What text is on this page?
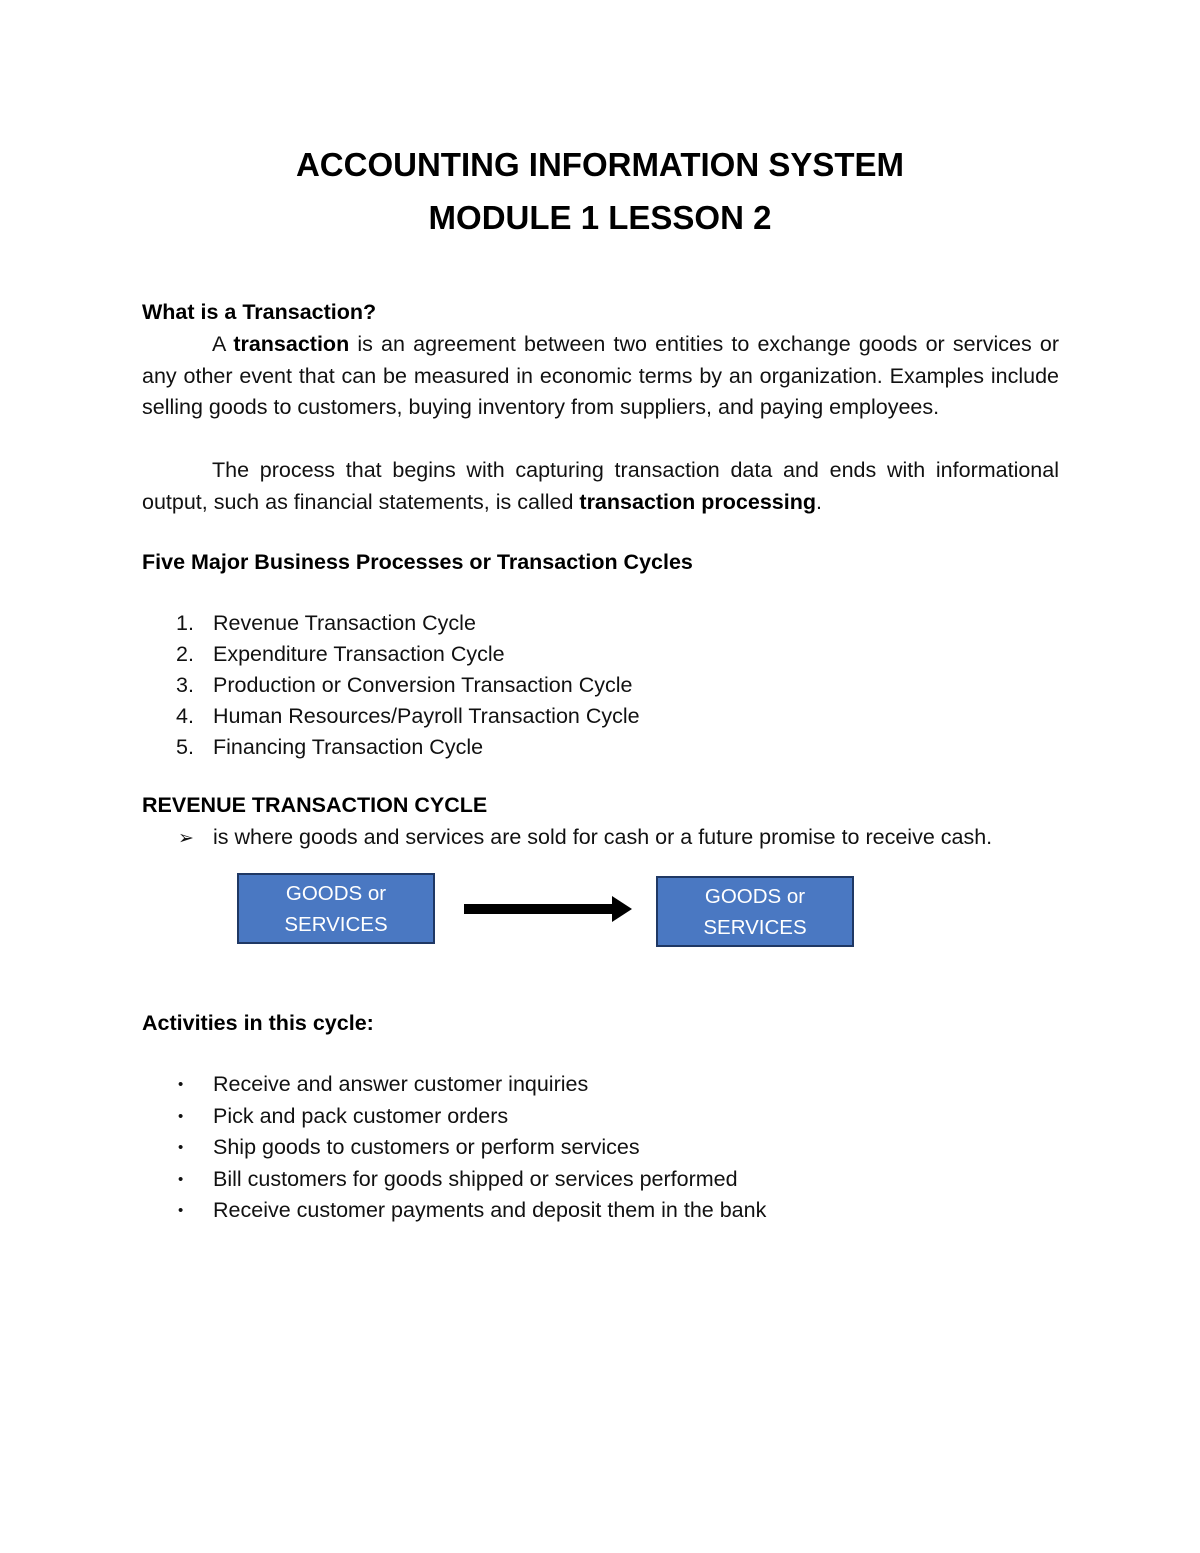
ACCOUNTING INFORMATION SYSTEM
MODULE 1 LESSON 2
What is a Transaction?
A transaction is an agreement between two entities to exchange goods or services or any other event that can be measured in economic terms by an organization. Examples include selling goods to customers, buying inventory from suppliers, and paying employees.
The process that begins with capturing transaction data and ends with informational output, such as financial statements, is called transaction processing.
Five Major Business Processes or Transaction Cycles
1. Revenue Transaction Cycle
2. Expenditure Transaction Cycle
3. Production or Conversion Transaction Cycle
4. Human Resources/Payroll Transaction Cycle
5. Financing Transaction Cycle
REVENUE TRANSACTION CYCLE
➢ is where goods and services are sold for cash or a future promise to receive cash.
GOODS or
SERVICES
GOODS or
SERVICES
Activities in this cycle:
• Receive and answer customer inquiries
• Pick and pack customer orders
• Ship goods to customers or perform services
• Bill customers for goods shipped or services performed
• Receive customer payments and deposit them in the bank
